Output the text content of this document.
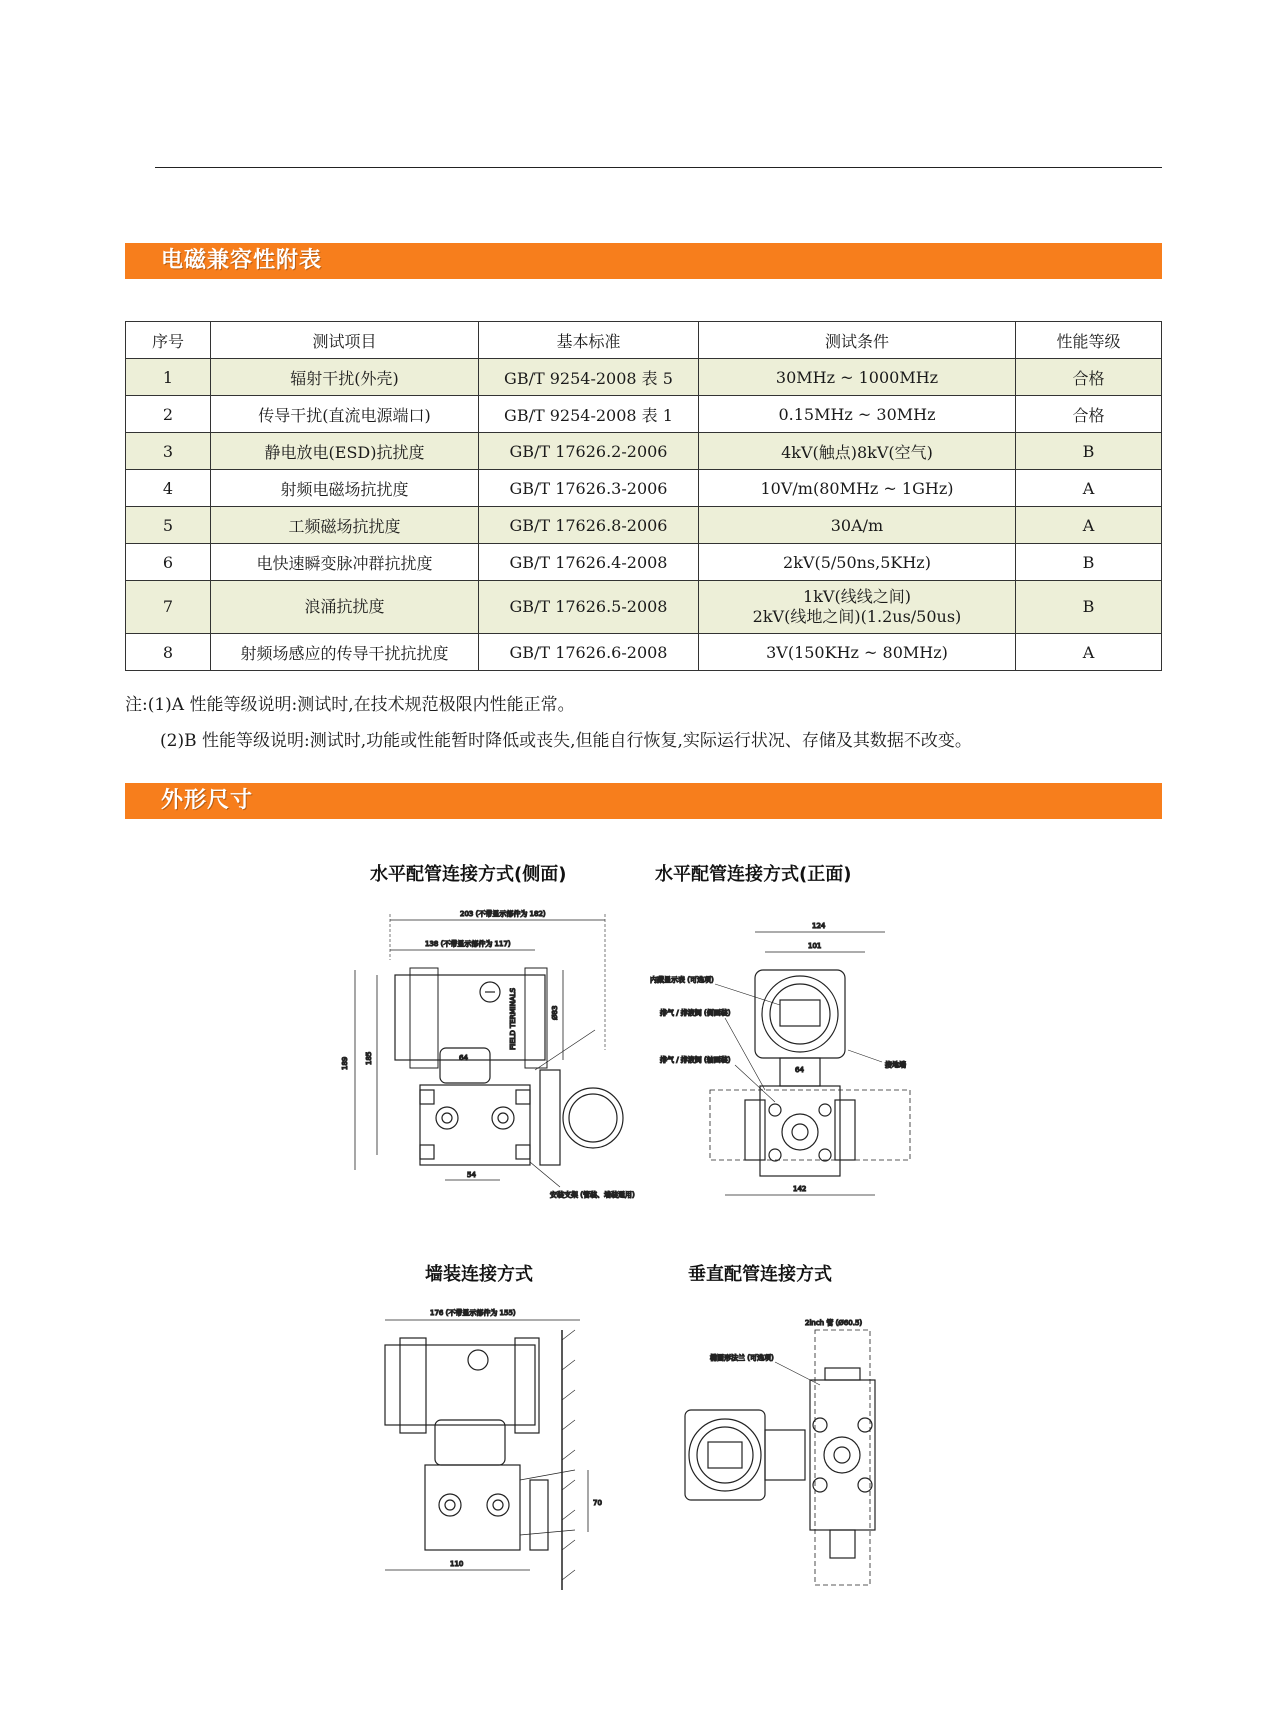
电磁兼容性附表
序号	测试项目	基本标准	测试条件	性能等级
1	辐射干扰(外壳)	GB/T 9254-2008 表 5	30MHz ~ 1000MHz	合格
2	传导干扰(直流电源端口)	GB/T 9254-2008 表 1	0.15MHz ~ 30MHz	合格
3	静电放电(ESD)抗扰度	GB/T 17626.2-2006	4kV(触点)8kV(空气)	B
4	射频电磁场抗扰度	GB/T 17626.3-2006	10V/m(80MHz ~ 1GHz)	A
5	工频磁场抗扰度	GB/T 17626.8-2006	30A/m	A
6	电快速瞬变脉冲群抗扰度	GB/T 17626.4-2008	2kV(5/50ns,5KHz)	B
7	浪涌抗扰度	GB/T 17626.5-2008	1kV(线线之间)
2kV(线地之间)(1.2us/50us)	B
8	射频场感应的传导干扰抗扰度	GB/T 17626.6-2008	3V(150KHz ~ 80MHz)	A
注:(1)A 性能等级说明:测试时,在技术规范极限内性能正常。
(2)B 性能等级说明:测试时,功能或性能暂时降低或丧失,但能自行恢复,实际运行状况、存储及其数据不改变。
外形尺寸
水平配管连接方式(侧面)	水平配管连接方式(正面)
墙装连接方式	垂直配管连接方式
203 (不带显示部件为 182)
138 (不带显示部件为 117)
189 185
Ø83
FIELD TERMINALS
64
54
安装支架 (管装、墙装通用)
124
101
内藏显示表 (可选项)
排气 / 排液阀 (侧面装)
64
排气 / 排液阀 (轴面装)
接地端
142
176 (不带显示部件为 155)
70
110
2inch 管 (Ø60.5)
椭圆形法兰 (可选项)
